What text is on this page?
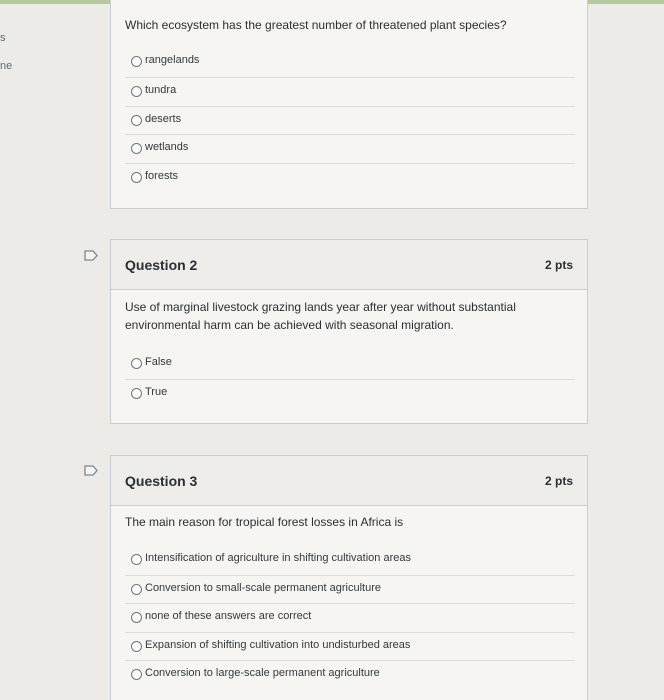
s
ne
Which ecosystem has the greatest number of threatened plant species?
rangelands
tundra
deserts
wetlands
forests
Question 2	2 pts
Use of marginal livestock grazing lands year after year without substantial
environmental harm can be achieved with seasonal migration.
False
True
Question 3	2 pts
The main reason for tropical forest losses in Africa is
Intensification of agriculture in shifting cultivation areas
Conversion to small-scale permanent agriculture
none of these answers are correct
Expansion of shifting cultivation into undisturbed areas
Conversion to large-scale permanent agriculture
